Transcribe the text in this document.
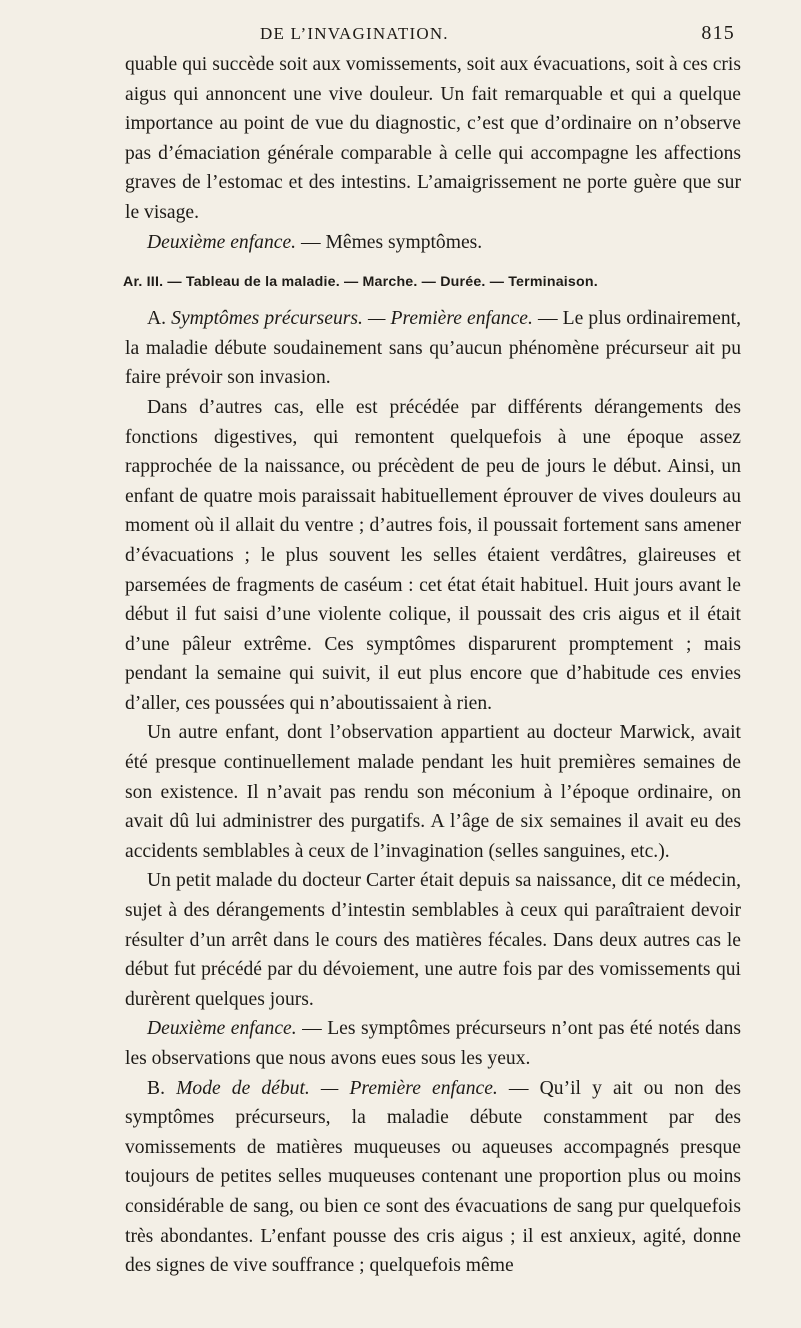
DE L’INVAGINATION.	815

quable qui succède soit aux vomissements, soit aux évacuations, soit à ces cris aigus qui annoncent une vive douleur. Un fait remarquable et qui a quelque importance au point de vue du diagnostic, c’est que d’ordinaire on n’observe pas d’émaciation générale comparable à celle qui accompagne les affections graves de l’estomac et des intestins. L’amaigrissement ne porte guère que sur le visage.

Deuxième enfance. — Mêmes symptômes.

Ar. III. — Tableau de la maladie. — Marche. — Durée. — Terminaison.

A. Symptômes précurseurs. — Première enfance. — Le plus ordinairement, la maladie débute soudainement sans qu’aucun phénomène précurseur ait pu faire prévoir son invasion.

Dans d’autres cas, elle est précédée par différents dérangements des fonctions digestives, qui remontent quelquefois à une époque assez rapprochée de la naissance, ou précèdent de peu de jours le début. Ainsi, un enfant de quatre mois paraissait habituellement éprouver de vives douleurs au moment où il allait du ventre ; d’autres fois, il poussait fortement sans amener d’évacuations ; le plus souvent les selles étaient verdâtres, glaireuses et parsemées de fragments de caséum : cet état était habituel. Huit jours avant le début il fut saisi d’une violente colique, il poussait des cris aigus et il était d’une pâleur extrême. Ces symptômes disparurent promptement ; mais pendant la semaine qui suivit, il eut plus encore que d’habitude ces envies d’aller, ces poussées qui n’aboutissaient à rien.

Un autre enfant, dont l’observation appartient au docteur Marwick, avait été presque continuellement malade pendant les huit premières semaines de son existence. Il n’avait pas rendu son méconium à l’époque ordinaire, on avait dû lui administrer des purgatifs. A l’âge de six semaines il avait eu des accidents semblables à ceux de l’invagination (selles sanguines, etc.).

Un petit malade du docteur Carter était depuis sa naissance, dit ce médecin, sujet à des dérangements d’intestin semblables à ceux qui paraîtraient devoir résulter d’un arrêt dans le cours des matières fécales. Dans deux autres cas le début fut précédé par du dévoiement, une autre fois par des vomissements qui durèrent quelques jours.

Deuxième enfance. — Les symptômes précurseurs n’ont pas été notés dans les observations que nous avons eues sous les yeux.

B. Mode de début. — Première enfance. — Qu’il y ait ou non des symptômes précurseurs, la maladie débute constamment par des vomissements de matières muqueuses ou aqueuses accompagnés presque toujours de petites selles muqueuses contenant une proportion plus ou moins considérable de sang, ou bien ce sont des évacuations de sang pur quelquefois très abondantes. L’enfant pousse des cris aigus ; il est anxieux, agité, donne des signes de vive souffrance ; quelquefois même
